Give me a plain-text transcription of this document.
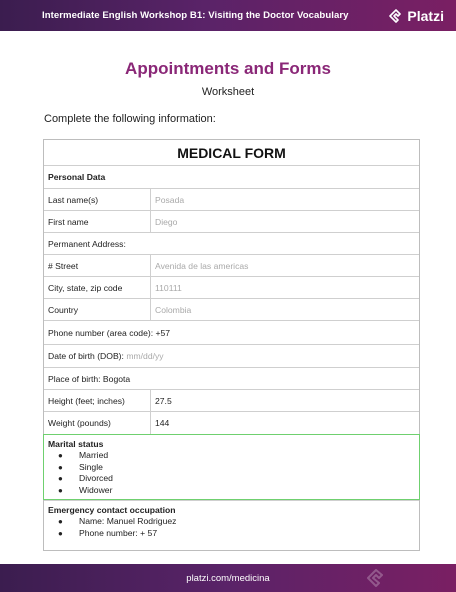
Intermediate English Workshop B1: Visiting the Doctor Vocabulary	Platzi
Appointments and Forms
Worksheet
Complete the following information:
MEDICAL FORM
Personal Data
Last name(s)	Posada
First name	Diego
Permanent Address:
# Street	Avenida de las americas
City, state, zip code	110111
Country	Colombia
Phone number (area code): +57
Date of birth (DOB):
mm/dd/yy
Place of birth: Bogota
Height (feet; inches)	27.5
Weight (pounds)	144
Marital status
●	Married
●	Single
●	Divorced
●	Widower
Emergency contact occupation
●	Name: Manuel Rodriguez
●	Phone number: + 57
platzi.com/medicina
